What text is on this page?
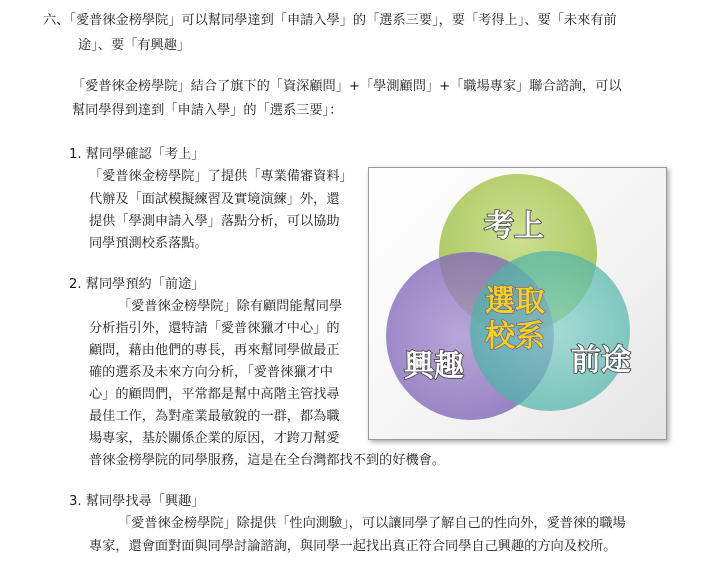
六、「愛普徠金榜學院」可以幫同學達到「申請入學」的「選系三要」，要「考得上」、要「未來有前
途」、要「有興趣」
「愛普徠金榜學院」結合了旗下的「資深顧問」+「學測顧問」+「職場專家」聯合諮詢，可以
幫同學得到達到「申請入學」的「選系三要」：
1. 幫同學確認「考上」
「愛普徠金榜學院」了提供「專業備審資料」
代辦及「面試模擬練習及實境演練」外，還
提供「學測申請入學」落點分析，可以協助
同學預測校系落點。
2. 幫同學預約「前途」
「愛普徠金榜學院」除有顧問能幫同學
分析指引外，還特請「愛普徠獵才中心」的
顧問，藉由他們的專長，再來幫同學做最正
確的選系及未來方向分析，「愛普徠獵才中
心」的顧問們，平常都是幫中高階主管找尋
最佳工作，為對產業最敏銳的一群，都為職
場專家，基於關係企業的原因，才跨刀幫愛
普徠金榜學院的同學服務，這是在全台灣都找不到的好機會。
3. 幫同學找尋「興趣」
「愛普徠金榜學院」除提供「性向測驗」，可以讓同學了解自己的性向外，愛普徠的職場
專家，還會面對面與同學討論諮詢，與同學一起找出真正符合同學自己興趣的方向及校所。
考上
興趣	前途
選取
校系
